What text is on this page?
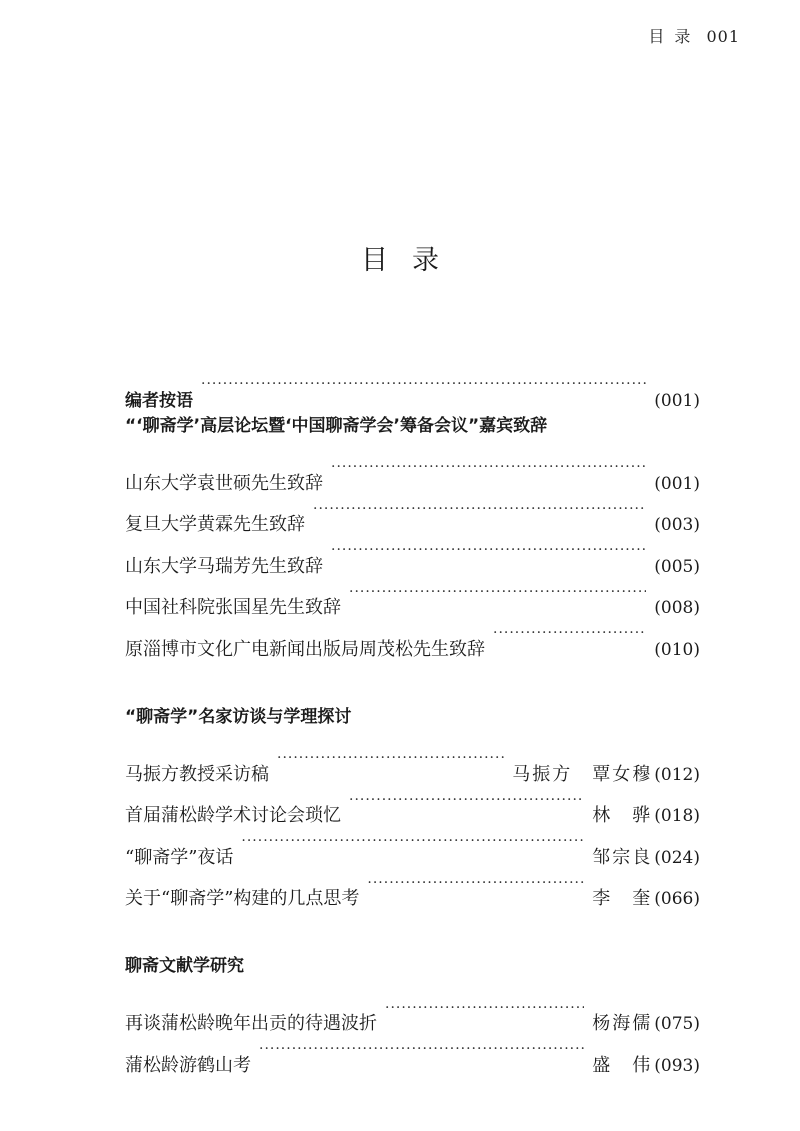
目录 001
目录
编者按语 ·····	(001)
“‘聊斋学’高层论坛暨‘中国聊斋学会’筹备会议”嘉宾致辞
山东大学袁世硕先生致辞 ·····	(001)
复旦大学黄霖先生致辞 ·····	(003)
山东大学马瑞芳先生致辞 ·····	(005)
中国社科院张国星先生致辞 ·····	(008)
原淄博市文化广电新闻出版局周茂松先生致辞 ·····	(010)
“聊斋学”名家访谈与学理探讨
马振方教授采访稿 ·····	马振方　覃女穆 (012)
首届蒲松龄学术讨论会琐忆 ·····	林　骅 (018)
“聊斋学”夜话 ·····	邹宗良 (024)
关于“聊斋学”构建的几点思考 ·····	李　奎 (066)
聊斋文献学研究
再谈蒲松龄晚年出贡的待遇波折 ·····	杨海儒 (075)
蒲松龄游鹤山考 ·····	盛　伟 (093)
